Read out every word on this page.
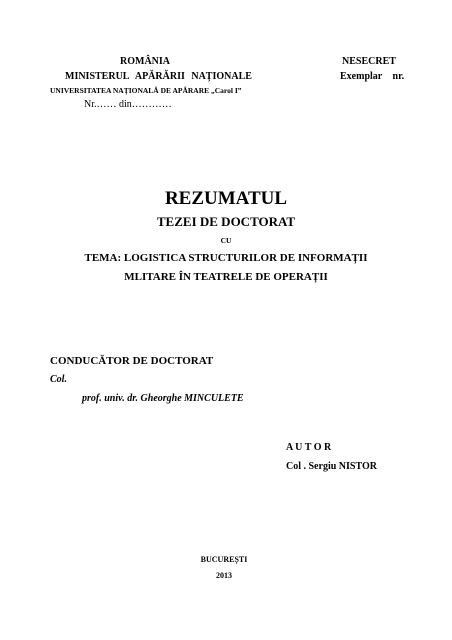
ROMÂNIA	NESECRET
MINISTERUL APĂRĂRII NAȚIONALE	Exemplar nr.
UNIVERSITATEA NAȚIONALĂ DE APĂRARE „Carol I”
Nr.…… din…………
REZUMATUL
TEZEI DE DOCTORAT
CU
TEMA: LOGISTICA STRUCTURILOR DE INFORMAȚII
MLITARE ÎN TEATRELE DE OPERAȚII
CONDUCĂTOR DE DOCTORAT
Col.
prof. univ. dr. Gheorghe MINCULETE
A U T O R
Col . Sergiu NISTOR
BUCUREȘTI
2013
